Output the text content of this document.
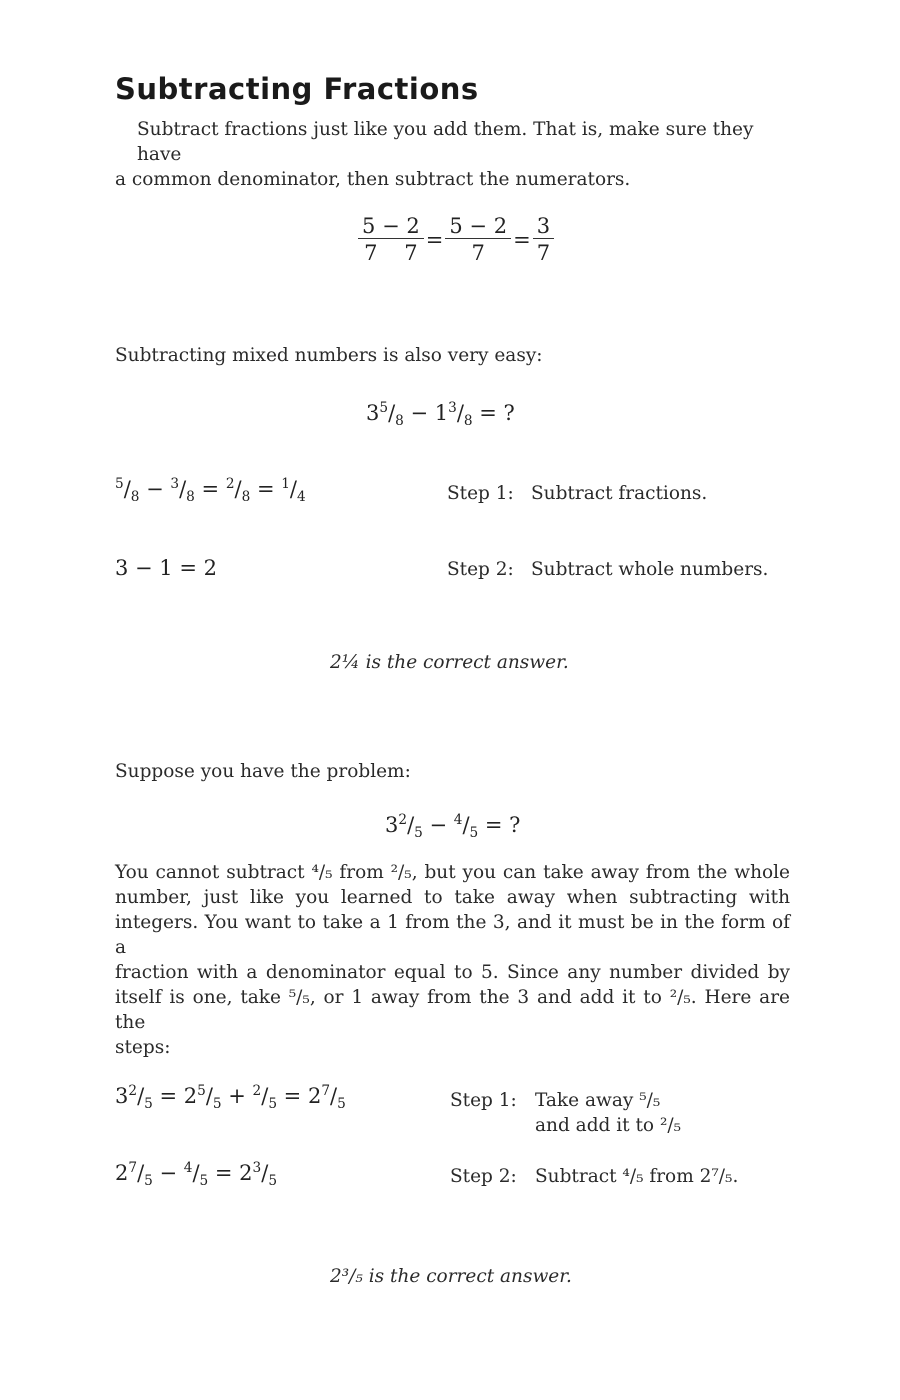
Subtracting Fractions
Subtract fractions just like you add them. That is, make sure they have
a common denominator, then subtract the numerators.
$\frac{5 - 2}{7 7} = \frac{5 - 2}{7} = \frac{3}{7}$
Subtracting mixed numbers is also very easy:
$3^5/_8 - 1^3/_8$ = ?
$^5/_8 - ^3/_8 = ^2/_8 = ^1/_4$	Step 1: Subtract fractions.
3 − 1 = 2	Step 2: Subtract whole numbers.
2¼ is the correct answer.
Suppose you have the problem:
$3^2/_5 - ^4/_5$ = ?
You cannot subtract ⁴/₅ from ²/₅, but you can take away from the whole
number, just like you learned to take away when subtracting with
integers. You want to take a 1 from the 3, and it must be in the form of a
fraction with a denominator equal to 5. Since any number divided by
itself is one, take ⁵/₅, or 1 away from the 3 and add it to ²/₅. Here are the
steps:
$3^2/_5 = 2^5/_5 + ^2/_5 = 2^7/_5$	Step 1: Take away ⁵/₅
and add it to ²/₅
$2^7/_5 - ^4/_5 = 2^3/_5$	Step 2: Subtract ⁴/₅ from 2⁷/₅.
2³/₅ is the correct answer.
